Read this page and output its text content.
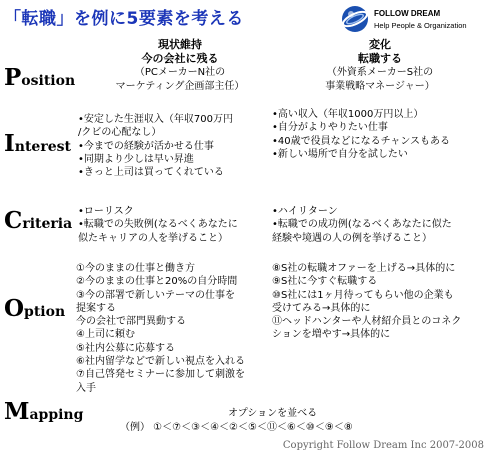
「転職」を例に5要素を考える	FOLLOW DREAM
Help People & Organization
現状維持
今の会社に残る
（PCメーカーN社の
マーケティング企画部主任）
変化
転職する
（外資系メーカーS社の
事業戦略マネージャー）
Position
Interest
Criteria
Option
Mapping
•安定した生涯収入（年収700万円
/クビの心配なし）
•今までの経験が活かせる仕事
•同期より少しは早い昇進
•きっと上司は買ってくれている
•高い収入（年収1000万円以上）
•自分がよりやりたい仕事
•40歳で役員などになるチャンスもある
•新しい場所で自分を試したい
•ローリスク
•転職での失敗例(なるべくあなたに
似たキャリアの人を挙げること）
•ハイリターン
•転職での成功例(なるべくあなたに似た
経験や境遇の人の例を挙げること）
①今のままの仕事と働き方
②今のままの仕事と20%の自分時間
③今の部署で新しいテーマの仕事を
提案する
今の会社で部門異動する
④上司に頼む
⑤社内公募に応募する
⑥社内留学などで新しい視点を入れる
⑦自己啓発セミナーに参加して刺激を
入手
⑧S社の転職オファーを上げる→具体的に
⑨S社に今すぐ転職する
⑩S社には1ヶ月待ってもらい他の企業も
受けてみる→具体的に
⑪ヘッドハンターや人材紹介員とのコネク
ションを増やす→具体的に
オプションを並べる
（例） ①＜⑦＜③＜④＜②＜⑤＜⑪＜⑥＜⑩＜⑨＜⑧
Copyright Follow Dream Inc 2007-2008
